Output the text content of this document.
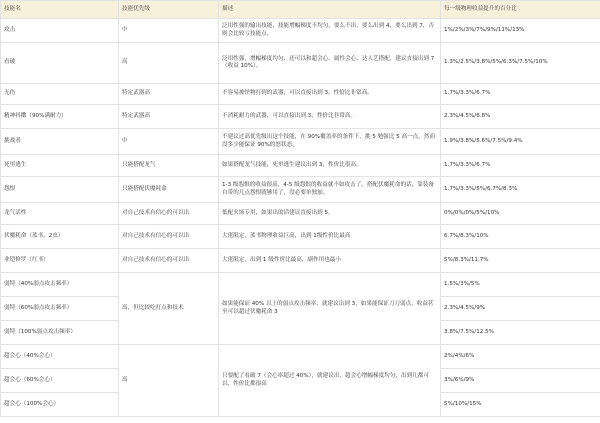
技能名	技能优先级	描述	每一级物理收益提升的百分比
攻击	中	泛用性强的输出技能，技能增幅梯度不均匀，要么不出，要么出到 4，要么出到 7，否则会比较亏技能点。	1%/2%/3%/7%/9%/11%/13%
看破	高	泛用性强，增幅梯度均匀，还可以和超会心、属性会心、达人艺搭配，建议直接出到 7（收益 10%）。	1.3%/2.5%/3.8%/5%/6.3%/7.5%/10%
无伤	特定武器高	不容易被怪物打到的武器，可以直接出到 3，性价比非常高。	1.7%/3.3%/6.7%
精神抖擞（90%满耐力）	特定武器高	不消耗耐力的武器，可以直接出到 3，性价比非常高。	2.3%/4.5%/6.8%
挑战者	中	不建议过高优先级出这个技能，在 90%覆盖率的条件下，挑 5 勉强比 5 高一点，然而没多少能保证 90%的怒状态。	1.9%/3.8%/5.6%/7.5%/9.4%
死里逃生	只能搭配龙气	如果搭配龙气技能，死里逃生建议出到 3，性价比很高。	1.7%/3.3%/6.7%
怨恨	只能搭配伏魔耗命	1-3 级怨恨的收益很高，4-5 级怨恨的收益就不如攻击了，搭配伏魔耗命的话，靠装备自带的几点怨恨就够用了，没必要单独加。	1.7%/3.3%/5%/6.7%/8.3%
龙气活性	对自己技术有信心的可以出	低配火场专用，如果出的话建议直接出到 5。	0%/0%/0%/5%/10%
伏魔耗命（蓝书，2虫）	对自己技术有信心的可以出	大佬限定，蓝书物理收益巨高，出到 1级性价比最高	6.7%/8.3%/10%
业铠修罗（红书）	对自己技术有信心的可以出	大佬限定，出到 1 级性价比最高，副作用也最小	5%/8.3%/11.7%
弱特（40%弱点攻击频率）	高，但比较吃打点和技术	如果能保证 40% 以上的弱点攻击频率，就建议出到 3，如果能保证刀刀弱点，收益甚至可以超过伏魔耗命 3	1.5%/3%/5%
弱特（60%弱点攻击频率）			2.3%/4.5%/9%
弱特（100%弱点攻击频率）			3.8%/7.5%/12.5%
超会心（40%会心）	高	只要配了看破 7（会心率超过 40%），就建议出，超会心增幅梯度均匀，出到几都可以，性价比都很高	2%/4%/6%
超会心（60%会心）			3%/6%/9%
超会心（100%会心）			5%/10%/15%
